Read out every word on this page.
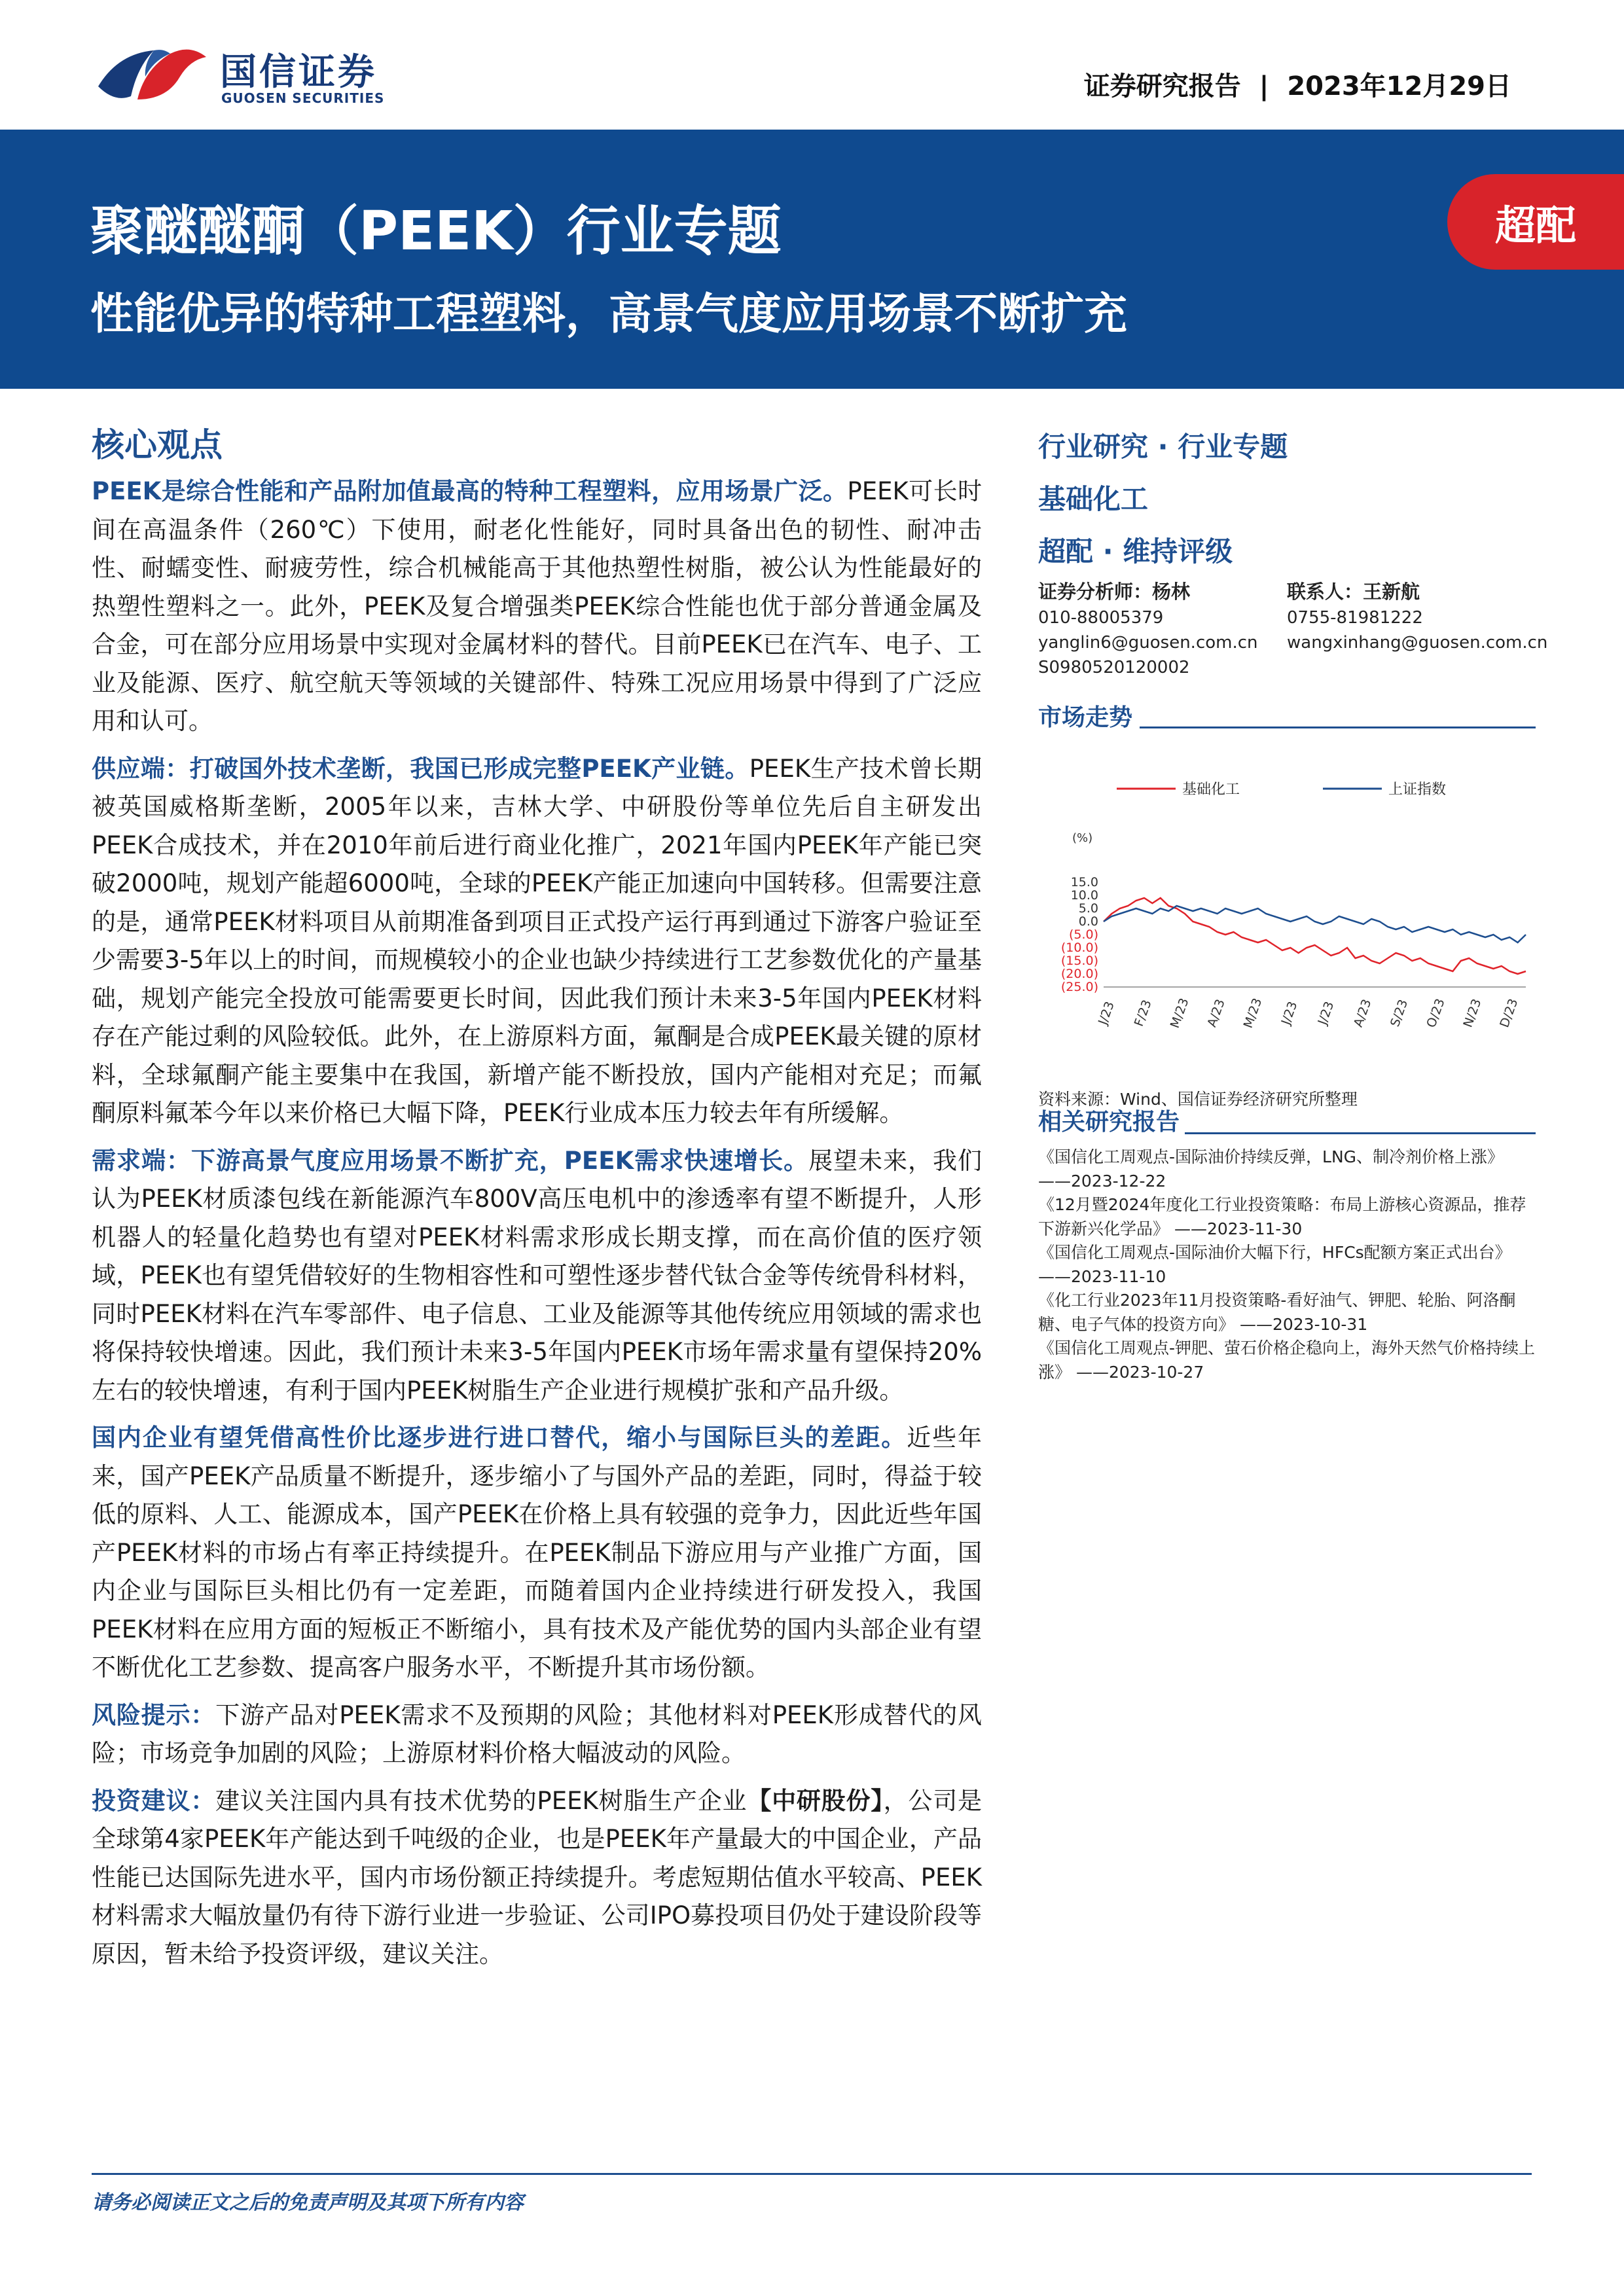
国信证券
GUOSEN SECURITIES	证券研究报告 | 2023年12月29日
聚醚醚酮（PEEK）行业专题
性能优异的特种工程塑料，高景气度应用场景不断扩充
超配
核心观点

PEEK是综合性能和产品附加值最高的特种工程塑料，应用场景广泛。PEEK可长时间在高温条件（260℃）下使用，耐老化性能好，同时具备出色的韧性、耐冲击性、耐蠕变性、耐疲劳性，综合机械能高于其他热塑性树脂，被公认为性能最好的热塑性塑料之一。此外，PEEK及复合增强类PEEK综合性能也优于部分普通金属及合金，可在部分应用场景中实现对金属材料的替代。目前PEEK已在汽车、电子、工业及能源、医疗、航空航天等领域的关键部件、特殊工况应用场景中得到了广泛应用和认可。

供应端：打破国外技术垄断，我国已形成完整PEEK产业链。PEEK生产技术曾长期被英国威格斯垄断，2005年以来，吉林大学、中研股份等单位先后自主研发出PEEK合成技术，并在2010年前后进行商业化推广，2021年国内PEEK年产能已突破2000吨，规划产能超6000吨，全球的PEEK产能正加速向中国转移。但需要注意的是，通常PEEK材料项目从前期准备到项目正式投产运行再到通过下游客户验证至少需要3-5年以上的时间，而规模较小的企业也缺少持续进行工艺参数优化的产量基础，规划产能完全投放可能需要更长时间，因此我们预计未来3-5年国内PEEK材料存在产能过剩的风险较低。此外，在上游原料方面，氟酮是合成PEEK最关键的原材料，全球氟酮产能主要集中在我国，新增产能不断投放，国内产能相对充足；而氟酮原料氟苯今年以来价格已大幅下降，PEEK行业成本压力较去年有所缓解。

需求端：下游高景气度应用场景不断扩充，PEEK需求快速增长。展望未来，我们认为PEEK材质漆包线在新能源汽车800V高压电机中的渗透率有望不断提升，人形机器人的轻量化趋势也有望对PEEK材料需求形成长期支撑，而在高价值的医疗领域，PEEK也有望凭借较好的生物相容性和可塑性逐步替代钛合金等传统骨科材料，同时PEEK材料在汽车零部件、电子信息、工业及能源等其他传统应用领域的需求也将保持较快增速。因此，我们预计未来3-5年国内PEEK市场年需求量有望保持20%左右的较快增速，有利于国内PEEK树脂生产企业进行规模扩张和产品升级。

国内企业有望凭借高性价比逐步进行进口替代，缩小与国际巨头的差距。近些年来，国产PEEK产品质量不断提升，逐步缩小了与国外产品的差距，同时，得益于较低的原料、人工、能源成本，国产PEEK在价格上具有较强的竞争力，因此近些年国产PEEK材料的市场占有率正持续提升。在PEEK制品下游应用与产业推广方面，国内企业与国际巨头相比仍有一定差距，而随着国内企业持续进行研发投入，我国PEEK材料在应用方面的短板正不断缩小，具有技术及产能优势的国内头部企业有望不断优化工艺参数、提高客户服务水平，不断提升其市场份额。

风险提示：下游产品对PEEK需求不及预期的风险；其他材料对PEEK形成替代的风险；市场竞争加剧的风险；上游原材料价格大幅波动的风险。

投资建议：建议关注国内具有技术优势的PEEK树脂生产企业【中研股份】，公司是全球第4家PEEK年产能达到千吨级的企业，也是PEEK年产量最大的中国企业，产品性能已达国际先进水平，国内市场份额正持续提升。考虑短期估值水平较高、PEEK材料需求大幅放量仍有待下游行业进一步验证、公司IPO募投项目仍处于建设阶段等原因，暂未给予投资评级，建议关注。

行业研究 · 行业专题
基础化工
超配 · 维持评级
证券分析师：杨林
010-88005379
yanglin6@guosen.com.cn
S0980520120002
联系人：王新航
0755-81981222
wangxinhang@guosen.com.cn
市场走势
基础化工	上证指数
(%)
15.0
10.0
5.0
0.0
(5.0)
(10.0)
(15.0)
(20.0)
(25.0)
J/23 F/23 M/23 A/23 M/23 J/23 J/23 A/23 S/23 O/23 N/23 D/23
资料来源：Wind、国信证券经济研究所整理
相关研究报告

《国信化工周观点-国际油价持续反弹，LNG、制冷剂价格上涨》 ——2023-12-22

《12月暨2024年度化工行业投资策略：布局上游核心资源品，推荐下游新兴化学品》 ——2023-11-30

《国信化工周观点-国际油价大幅下行，HFCs配额方案正式出台》 ——2023-11-10

《化工行业2023年11月投资策略-看好油气、钾肥、轮胎、阿洛酮糖、电子气体的投资方向》 ——2023-10-31

《国信化工周观点-钾肥、萤石价格企稳向上，海外天然气价格持续上涨》 ——2023-10-27

请务必阅读正文之后的免责声明及其项下所有内容
